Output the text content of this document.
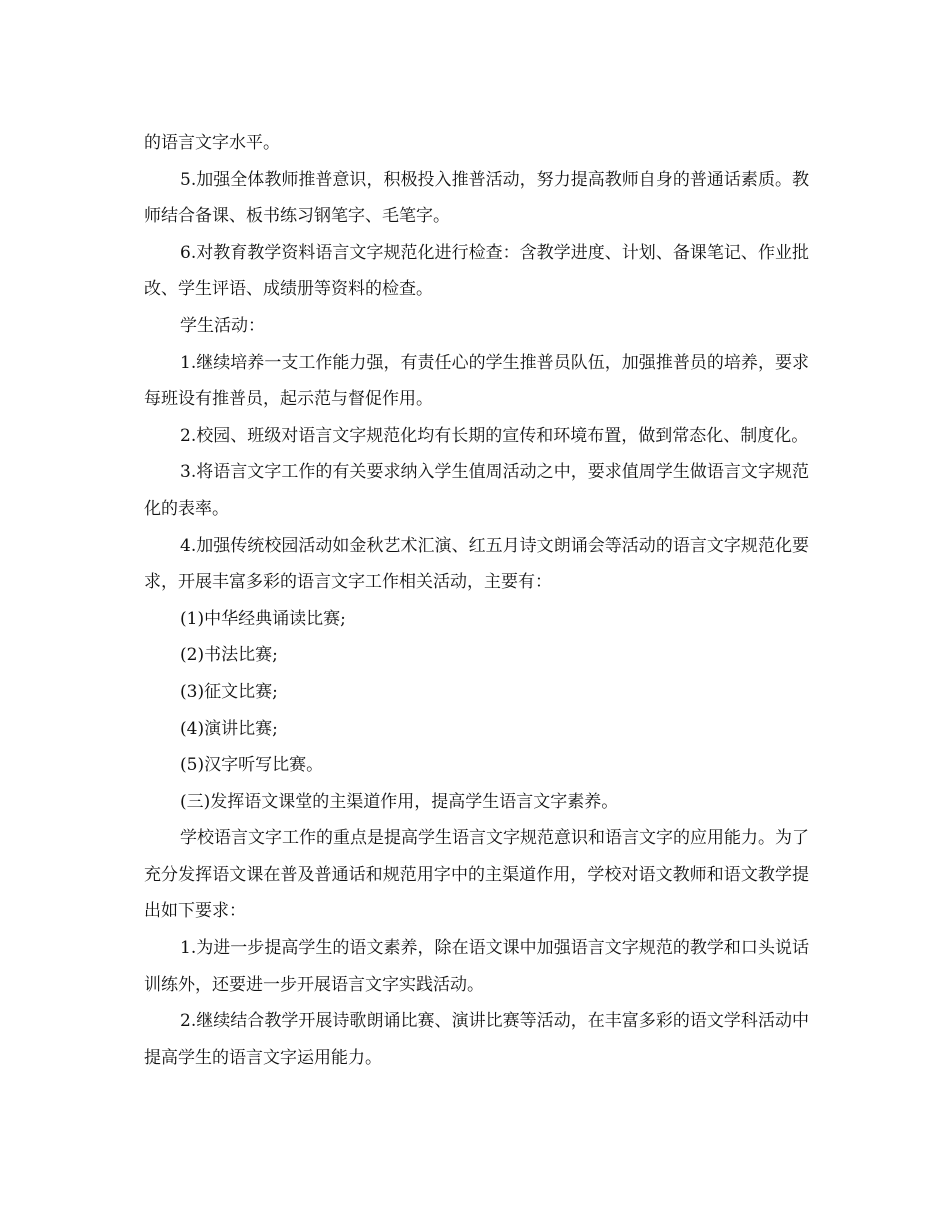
的语言文字水平。

5.加强全体教师推普意识，积极投入推普活动，努力提高教师自身的普通话素质。教师结合备课、板书练习钢笔字、毛笔字。

6.对教育教学资料语言文字规范化进行检查：含教学进度、计划、备课笔记、作业批改、学生评语、成绩册等资料的检查。

学生活动：

1.继续培养一支工作能力强，有责任心的学生推普员队伍，加强推普员的培养，要求每班设有推普员，起示范与督促作用。

2.校园、班级对语言文字规范化均有长期的宣传和环境布置，做到常态化、制度化。

3.将语言文字工作的有关要求纳入学生值周活动之中，要求值周学生做语言文字规范化的表率。

4.加强传统校园活动如金秋艺术汇演、红五月诗文朗诵会等活动的语言文字规范化要求，开展丰富多彩的语言文字工作相关活动，主要有：

(1)中华经典诵读比赛;

(2)书法比赛;

(3)征文比赛;

(4)演讲比赛;

(5)汉字听写比赛。

(三)发挥语文课堂的主渠道作用，提高学生语言文字素养。

学校语言文字工作的重点是提高学生语言文字规范意识和语言文字的应用能力。为了充分发挥语文课在普及普通话和规范用字中的主渠道作用，学校对语文教师和语文教学提出如下要求：

1.为进一步提高学生的语文素养，除在语文课中加强语言文字规范的教学和口头说话训练外，还要进一步开展语言文字实践活动。

2.继续结合教学开展诗歌朗诵比赛、演讲比赛等活动，在丰富多彩的语文学科活动中提高学生的语言文字运用能力。
